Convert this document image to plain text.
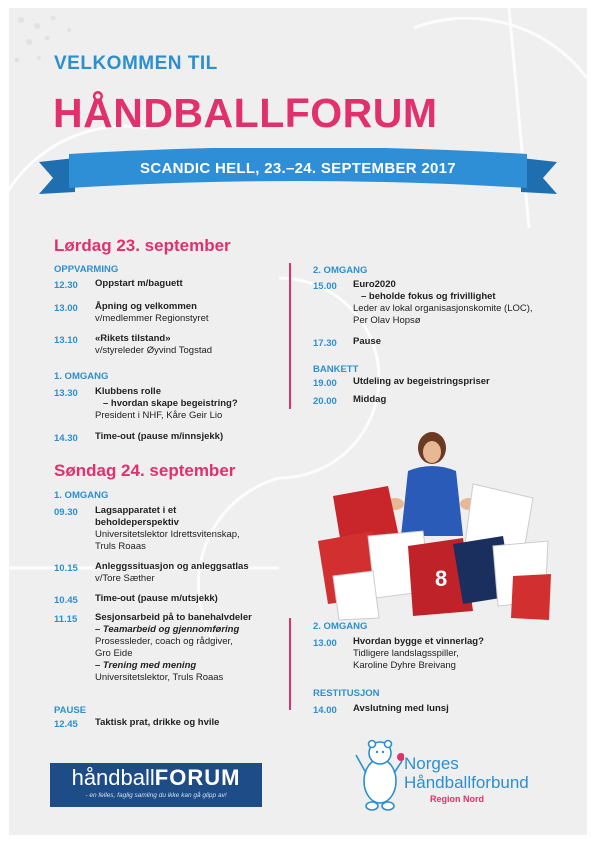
VELKOMMEN TIL
HÅNDBALLFORUM
SCANDIC HELL, 23.–24. SEPTEMBER 2017
Lørdag 23. september
OPPVARMING
12.30 Oppstart m/baguett
13.00 Åpning og velkommen
v/medlemmer Regionstyret
13.10 «Rikets tilstand»
v/styreleder Øyvind Togstad
1. OMGANG
13.30 Klubbens rolle
– hvordan skape begeistring?
President i NHF, Kåre Geir Lio
14.30 Time-out (pause m/innsjekk)
2. OMGANG
15.00 Euro2020
– beholde fokus og frivillighet
Leder av lokal organisasjonskomite (LOC),
Per Olav Hopsø
17.30 Pause
BANKETT
19.00 Utdeling av begeistringspriser
20.00 Middag
Søndag 24. september
1. OMGANG
09.30 Lagsapparatet i et
beholdeperspektiv
Universitetslektor Idrettsvitenskap,
Truls Roaas
10.15 Anleggssituasjon og anleggsatlas
v/Tore Sæther
10.45 Time-out (pause m/utsjekk)
11.15 Sesjonsarbeid på to banehalvdeler
– Teamarbeid og gjennomføring
Prosessleder, coach og rådgiver,
Gro Eide
– Trening med mening
Universitetslektor, Truls Roaas
PAUSE
12.45 Taktisk prat, drikke og hvile
8
2. OMGANG
13.00 Hvordan bygge et vinnerlag?
Tidligere landslagsspiller,
Karoline Dyhre Breivang
RESTITUSJON
14.00 Avslutning med lunsj
håndballFORUM
- en felles, faglig samling du ikke kan gå glipp av!
Norges
Håndballforbund
Region Nord
